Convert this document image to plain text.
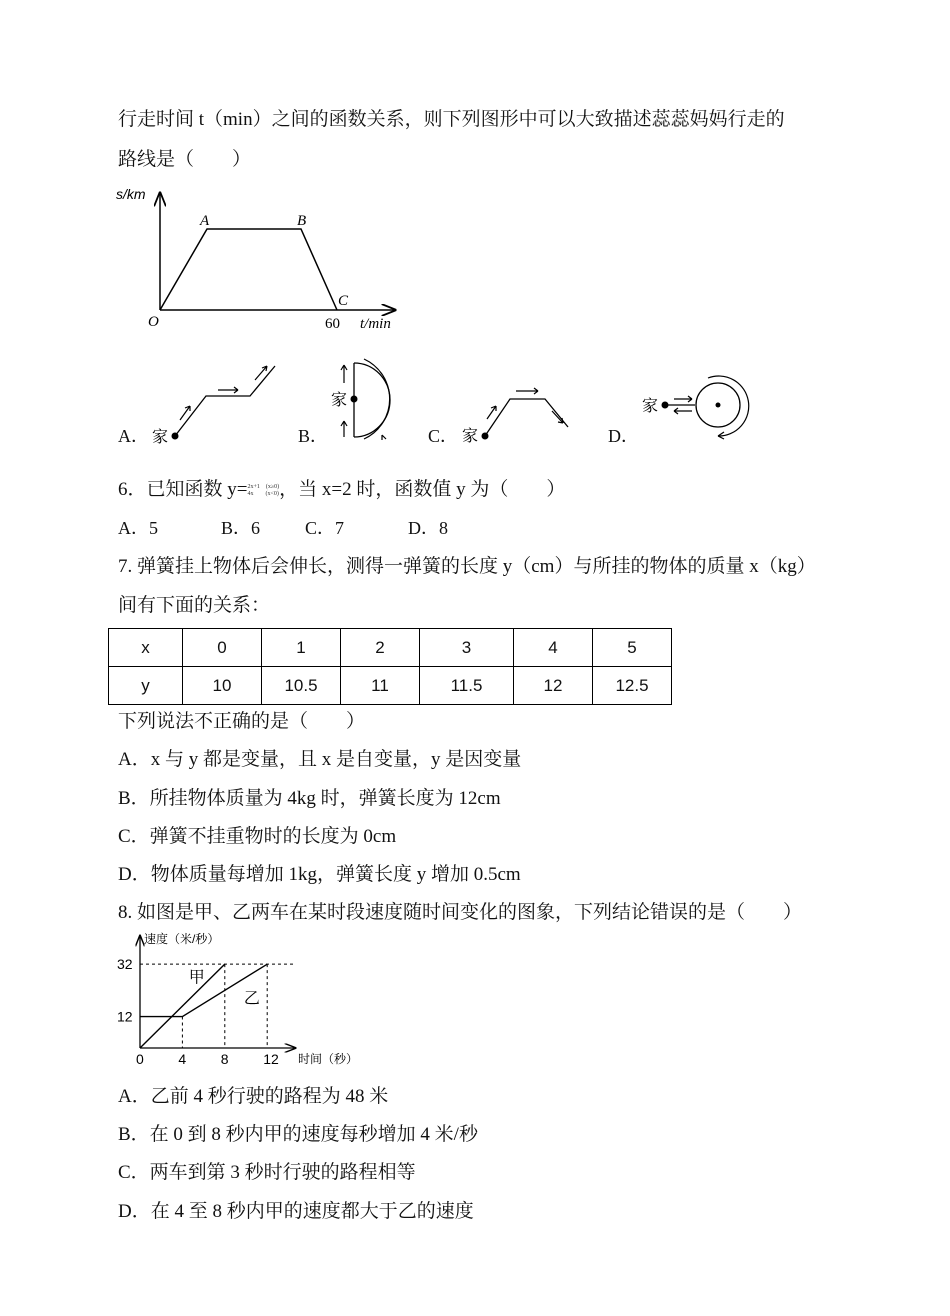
行走时间 t（min）之间的函数关系，则下列图形中可以大致描述蕊蕊妈妈行走的
路线是（　　）
s/km
A	B
C
O	60 t/min
A． 家	B．
家
C． 家	D．
家
6．已知函数 y=2x+1　(x≥0)
4x　　(x<0)，当 x=2 时，函数值 y 为（　　）
A．5	B．6 C．7	D．8
7. 弹簧挂上物体后会伸长，测得一弹簧的长度 y（cm）与所挂的物体的质量 x（kg）
间有下面的关系：
x	0	1	2	3	4	5
y	10	10.5	11	11.5	12	12.5
下列说法不正确的是（　　）
A．x 与 y 都是变量，且 x 是自变量，y 是因变量
B．所挂物体质量为 4kg 时，弹簧长度为 12cm
C．弹簧不挂重物时的长度为 0cm
D．物体质量每增加 1kg，弹簧长度 y 增加 0.5cm
8. 如图是甲、乙两车在某时段速度随时间变化的图象，下列结论错误的是（　　）
速度（米/秒）
时间（秒）
甲
乙
0 4 8 12
12
32
A．乙前 4 秒行驶的路程为 48 米
B．在 0 到 8 秒内甲的速度每秒增加 4 米/秒
C．两车到第 3 秒时行驶的路程相等
D．在 4 至 8 秒内甲的速度都大于乙的速度
